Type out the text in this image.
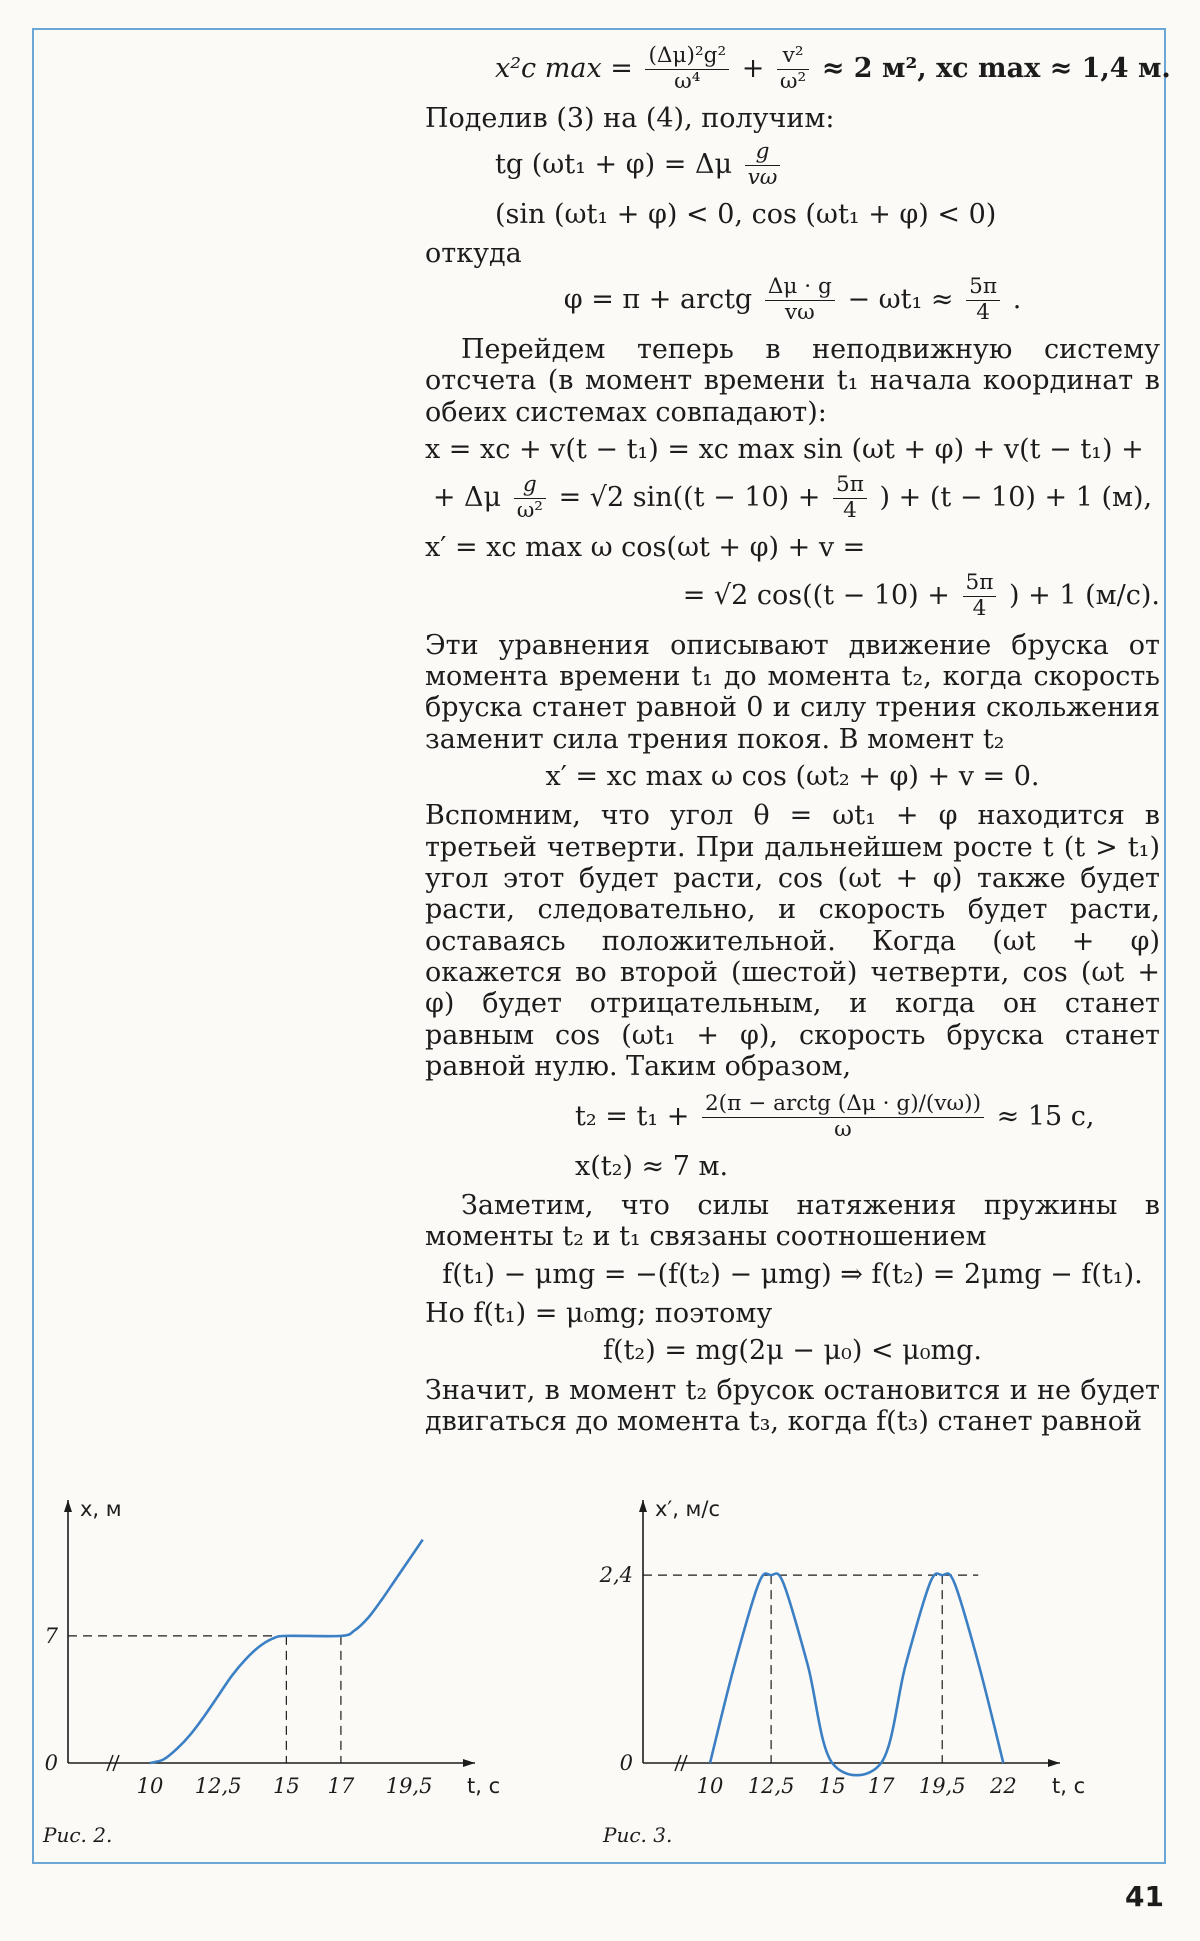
x²c $\max = \frac{\text{(Δμ)²g²}}{\text{ω⁴}} + \frac{\text{v²}}{\text{ω²}} \approx 2$ м², xc max ≈ 1,4 м.

Поделив (3) на (4), получим:

tg (ωt₁ + φ) = Δμ $\frac{g}{v\omega}$
(sin (ωt₁ + φ) < 0, cos (ωt₁ + φ) < 0)

откуда

φ = π + arctg $\frac{\Delta\mu \cdot g}{v\omega} - \omega t_1 \approx \frac{5\pi}{4}$ .

Перейдем теперь в неподвижную систему отсчета (в момент времени t₁ начала координат в обеих системах совпадают):

x = xc + v(t − t₁) = xc max sin (ωt + φ) + v(t − t₁) +
+ Δμ $\frac{g}{\text{ω²}} = √2$ $\sin((t - 10) + \frac{5\pi}{4}$ ) + (t − 10) + 1 (м),
x′ = xc max ω cos(ωt + φ) + v =
= √2 $\cos((t - 10) + \frac{5\pi}{4}$ ) + 1 (м/с).

Эти уравнения описывают движение бруска от момента времени t₁ до момента t₂, когда скорость бруска станет равной 0 и силу трения скольжения заменит сила трения покоя. В момент t₂

x′ = xc max ω cos (ωt₂ + φ) + v = 0.

Вспомним, что угол θ = ωt₁ + φ находится в третьей четверти. При дальнейшем росте t (t > t₁) угол этот будет расти, cos (ωt + φ) также будет расти, следовательно, и скорость будет расти, оставаясь положительной. Когда (ωt + φ) окажется во второй (шестой) четверти, cos (ωt + φ) будет отрицательным, и когда он станет равным cos (ωt₁ + φ), скорость бруска станет равной нулю. Таким образом,

$t_2 = t_1 + \frac{\text{2(π − arctg (Δμ · g)/(vω))}}{\omega} \approx 15$ с,
x(t₂) ≈ 7 м.

Заметим, что силы натяжения пружины в моменты t₂ и t₁ связаны соотношением

f(t₁) − μmg = −(f(t₂) − μmg) ⇒ f(t₂) = 2μmg − f(t₁).

Но f(t₁) = μ₀mg; поэтому

f(t₂) = mg(2μ − μ₀) < μ₀mg.

Значит, в момент t₂ брусок остановится и не будет двигаться до момента t₃, когда f(t₃) станет равной

10 12,5 15 17 19,5
0
7
x, м
t, c
Рис. 2.
10 12,5 15 17 19,5 22
0
2,4
x′, м/с
t, c
Рис. 3.
41
